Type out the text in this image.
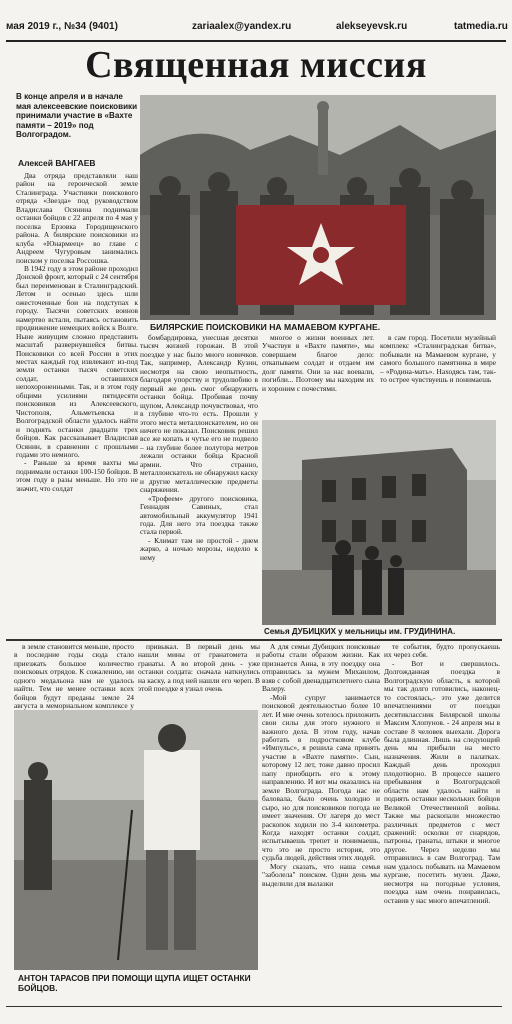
мая 2019 г., №34 (9401)	zariaalex@yandex.ru	alekseyevsk.ru	tatmedia.ru
Священная миссия
В конце апреля и в начале мая алексеевские поисковики принимали участие в «Вахте памяти – 2019» под Волгоградом.
Алексей ВАНГАЕВ

Два отряда представляли наш район на героической земле Сталинграда. Участники поискового отряда «Звезда» под руководством Владислава Осянина поднимали останки бойцов с 22 апреля по 4 мая у поселка Ерзовка Городищенского района. А билярские поисковики из клуба «Юнармеец» во главе с Андреем Чугуровым занимались поиском у поселка Россошка.

В 1942 году в этом районе проходил Донской фронт, который с 24 сентября был переименован в Сталинградский. Летом и осенью здесь шли ожесточенные бои на подступах к городу. Тысячи советских воинов намертво встали, пытаясь остановить продвижение немецких войск к Волге. Ныне живущим сложно представить масштаб развернувшейся битвы. Поисковики со всей России в этих местах каждый год извлекают из-под земли останки тысяч советских солдат, оставшихся непохороненными. Так, и в этом году общими усилиями пятидесяти поисковиков из Алексеевского, Чистополя, Альметьевска и Волгоградской области удалось найти и поднять останки двадцати трех бойцов. Как рассказывает Владислав Осянин, в сравнении с прошлыми годами это немного.

- Раньше за время вахты мы поднимали останки 100-150 бойцов. В этом году в разы меньше. Но это не значит, что солдат

БИЛЯРСКИЕ ПОИСКОВИКИ НА МАМАЕВОМ КУРГАНЕ.

бомбардировка, унесшая десятки тысяч жизней горожан. В этой поездке у нас было много новичков. Так, например, Александр Кузин, несмотря на свою неопытность, благодаря упорству и трудолюбию в первый же день смог обнаружить останки бойца. Пробивая почву щупом, Александр почувствовал, что в глубине что-то есть. Прошли у этого места металлоискателем, но он ничего не показал. Поисковик решил все же копать и чутье его не подвело – на глубине более полутора метров лежали останки бойца Красной армии. Что странно, металлоискатель не обнаружил каску и другие металлические предметы снаряжения.

«Трофеем» другого поисковика, Геннадия Савиных, стал автомобильный аккумулятор 1941 года. Для него эта поездка также стала первой.

- Климат там не простой - днем жарко, а ночью морозы, неделю к нему

многое о жизни военных лет. Участвуя в «Вахте памяти», мы совершаем благое дело: откапываем солдат и отдаем им долг памяти. Они за нас воевали, погибли... Поэтому мы находим их и хороним с почестями.

в сам город. Посетили музейный комплекс «Сталинградская битва», побывали на Мамаевом кургане, у самого большого памятника в мире – «Родина-мать». Находясь там, так-то острее чувствуешь и понимаешь

Семья ДУБИЦКИХ у мельницы им. ГРУДИНИНА.

в земле становится меньше, просто в последние годы сюда стало приезжать большое количество поисковых отрядов. К сожалению, ни одного медальона нам не удалось найти. Тем не менее останки всех бойцов будут преданы земле 24 августа в мемориальном комплексе у

привыкал. В первый день мы нашли мины от гранатомета и гранаты. А во второй день - уже останки солдата: сначала наткнулись на каску, а под ней нашли его череп. В этой поездке я узнал очень

А для семьи Дубицких поисковые работы стали образом жизни. Как признается Анна, в эту поездку она отправилась за мужем Михаилом, взяв с собой двенадцатилетнего сына Валеру.

-Мой супруг занимается поисковой деятельностью более 10 лет. И мне очень хотелось приложить свои силы для этого нужного и важного дела. В этом году, начав работать в подростковом клубе «Импульс», я решила сама принять участие в «Вахте памяти». Сын, которому 12 лет, тоже давно просил папу приобщить его к этому направлению. И вот мы оказались на земле Волгограда. Погода нас не баловала, было очень холодно и сыро, но для поисковиков погода не имеет значения. От лагеря до мест раскопок ходили по 3-4 километра. Когда находят останки солдат, испытываешь трепет и понимаешь, что это не просто история, это судьба людей, действия этих людей.

Могу сказать, что наша семья "заболела" поиском. Один день мы выделили для вылазки

те события, будто пропускаешь их через себя.

- Вот и свершилось. Долгожданная поездка в Волгоградскую область, к которой мы так долго готовились, наконец-то состоялась,- это уже делится впечатлениями от поездки десятиклассник Билярской школы Максим Хлопунов. - 24 апреля мы в составе 8 человек выехали. Дорога была длинная. Лишь на следующий день мы прибыли на место назначения. Жили в палатках. Каждый день проходил плодотворно. В процессе нашего пребывания в Волгоградской области нам удалось найти и поднять останки нескольких бойцов Великой Отечественной войны. Также мы раскопали множество различных предметов с мест сражений: осколки от снарядов, патроны, гранаты, штыки и многое другое. Через неделю мы отправились в сам Волгоград. Там нам удалось побывать на Мамаевом кургане, посетить музеи. Даже, несмотря на погодные условия, поездка нам очень понравилась, оставив у нас много впечатлений.

АНТОН ТАРАСОВ ПРИ ПОМОЩИ ЩУПА ИЩЕТ ОСТАНКИ БОЙЦОВ.
